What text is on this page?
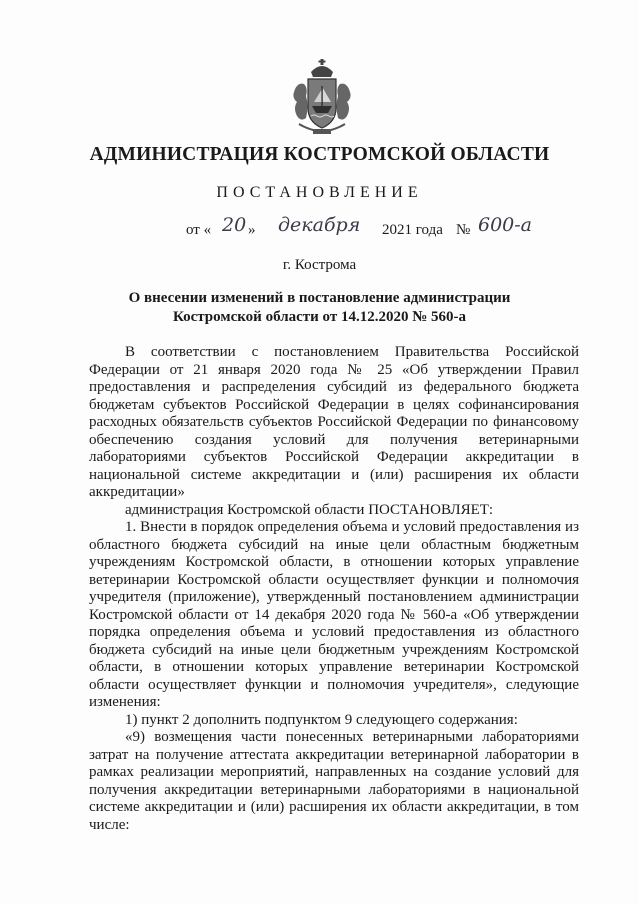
АДМИНИСТРАЦИЯ КОСТРОМСКОЙ ОБЛАСТИ
ПОСТАНОВЛЕНИЕ
от « 20 » декабря 2021 года № 600-а
г. Кострома
О внесении изменений в постановление администрации
Костромской области от 14.12.2020 № 560-а

В соответствии с постановлением Правительства Российской Федерации от 21 января 2020 года № 25 «Об утверждении Правил предоставления и распределения субсидий из федерального бюджета бюджетам субъектов Российской Федерации в целях софинансирования расходных обязательств субъектов Российской Федерации по финансовому обеспечению создания условий для получения ветеринарными лабораториями субъектов Российской Федерации аккредитации в национальной системе аккредитации и (или) расширения их области аккредитации»

администрация Костромской области ПОСТАНОВЛЯЕТ:

1. Внести в порядок определения объема и условий предоставления из областного бюджета субсидий на иные цели областным бюджетным учреждениям Костромской области, в отношении которых управление ветеринарии Костромской области осуществляет функции и полномочия учредителя (приложение), утвержденный постановлением администрации Костромской области от 14 декабря 2020 года № 560-а «Об утверждении порядка определения объема и условий предоставления из областного бюджета субсидий на иные цели бюджетным учреждениям Костромской области, в отношении которых управление ветеринарии Костромской области осуществляет функции и полномочия учредителя», следующие изменения:

1) пункт 2 дополнить подпунктом 9 следующего содержания:

«9) возмещения части понесенных ветеринарными лабораториями затрат на получение аттестата аккредитации ветеринарной лаборатории в рамках реализации мероприятий, направленных на создание условий для получения аккредитации ветеринарными лабораториями в национальной системе аккредитации и (или) расширения их области аккредитации, в том числе:
